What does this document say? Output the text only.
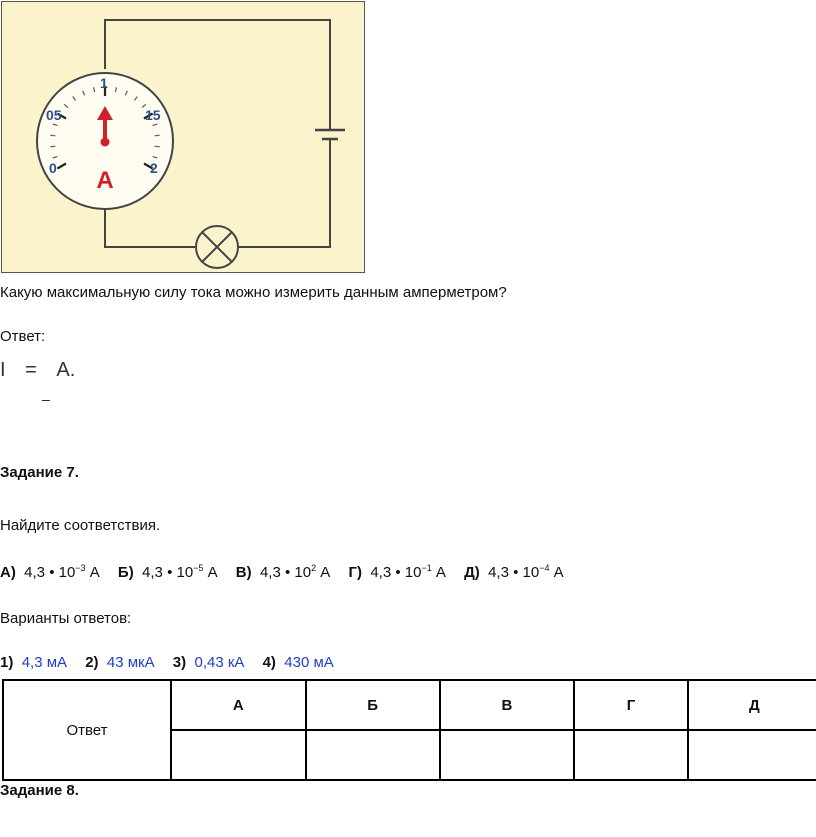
0
05
1
15
2
A
Какую максимальную силу тока можно измерить данным амперметром?
Ответ:
I = A.
_
Задание 7.
Найдите соответствия.
А) 4,3 • $10^{-3}$ А Б) 4,3 • $10^{-5}$ А В) 4,3 • $10^2$ А Г) 4,3 • $10^{-1}$ А Д) 4,3 • $10^{-4}$ А
Варианты ответов:
1) 4,3 мА 2) 43 мкА 3) 0,43 кА 4) 430 мА
Ответ	А	Б	В	Г	Д

Задание 8.
